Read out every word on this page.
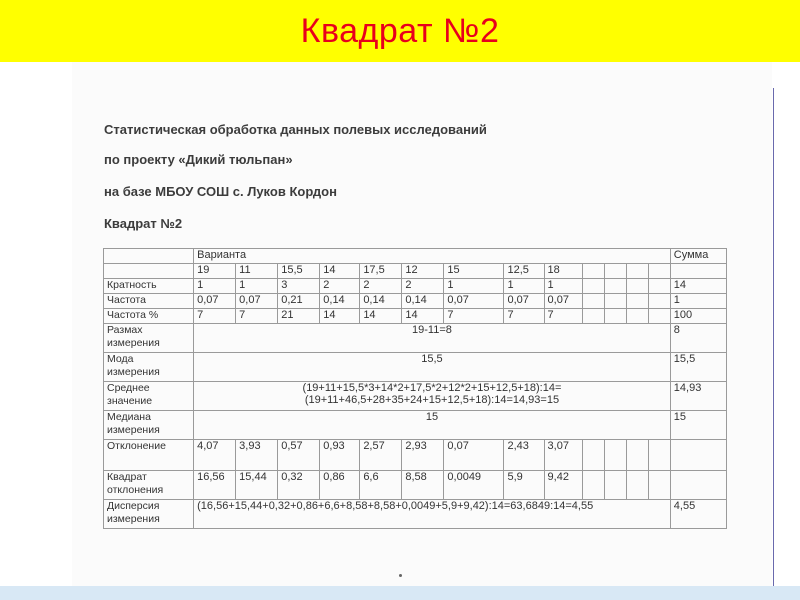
Квадрат №2
Статистическая обработка данных полевых исследований
по проекту «Дикий тюльпан»
на базе МБОУ СОШ с. Луков Кордон
Квадрат №2
	Варианта													Сумма
	19	11	15,5	14	17,5	12	15	12,5	18					
Кратность	1	1	3	2	2	2	1	1	1					14
Частота	0,07	0,07	0,21	0,14	0,14	0,14	0,07	0,07	0,07					1
Частота %	7	7	21	14	14	14	7	7	7					100
Размах
измерения	19-11=8													8
Мода
измерения	15,5													15,5
Среднее
значение	(19+11+15,5*3+14*2+17,5*2+12*2+15+12,5+18):14=
(19+11+46,5+28+35+24+15+12,5+18):14=14,93=15													14,93
Медиана
измерения	15													15
Отклонение	4,07	3,93	0,57	0,93	2,57	2,93	0,07	2,43	3,07					
Квадрат
отклонения	16,56	15,44	0,32	0,86	6,6	8,58	0,0049	5,9	9,42					
Дисперсия
измерения	(16,56+15,44+0,32+0,86+6,6+8,58+8,58+0,0049+5,9+9,42):14=63,6849:14=4,55													4,55
